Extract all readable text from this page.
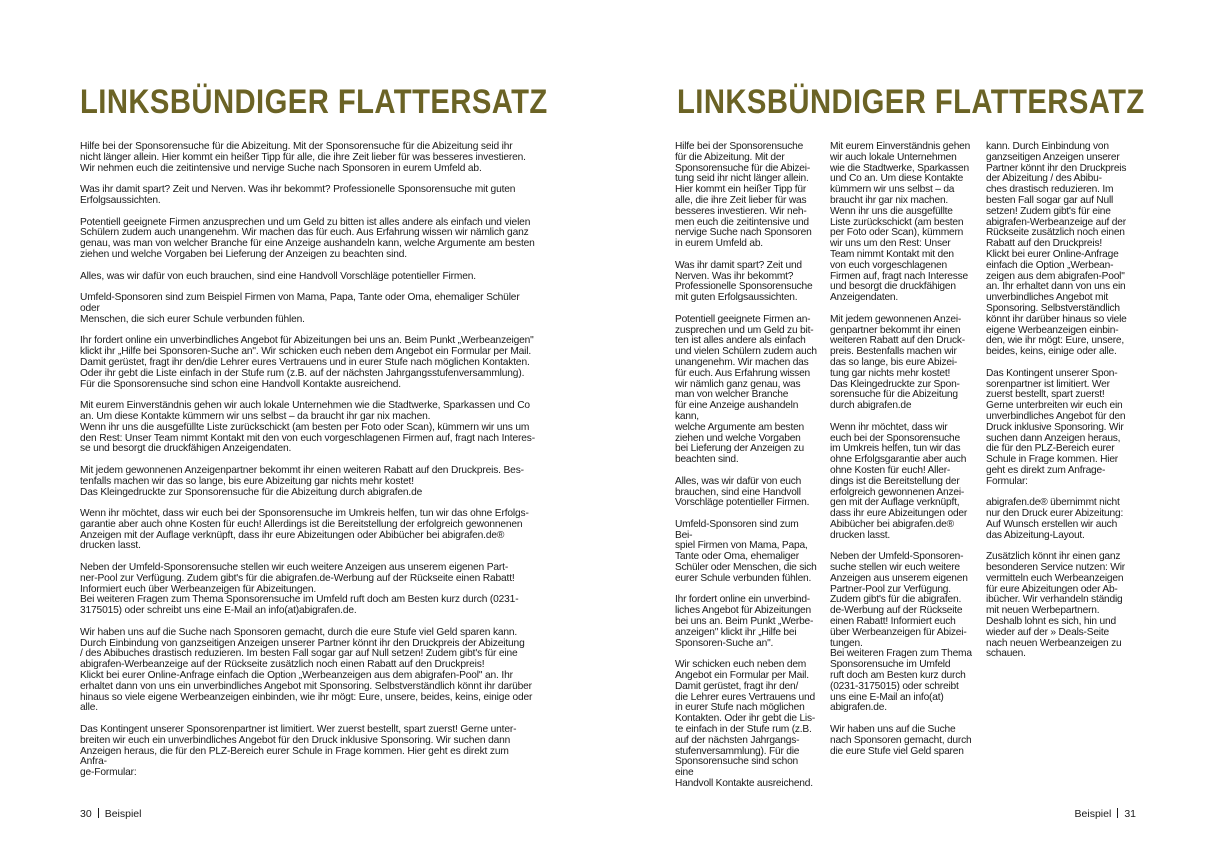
LINKSBÜNDIGER FLATTERSATZ

Hilfe bei der Sponsorensuche für die Abizeitung. Mit der Sponsorensuche für die Abizeitung seid ihr
nicht länger allein. Hier kommt ein heißer Tipp für alle, die ihre Zeit lieber für was besseres investieren.
Wir nehmen euch die zeitintensive und nervige Suche nach Sponsoren in eurem Umfeld ab.

Was ihr damit spart? Zeit und Nerven. Was ihr bekommt? Professionelle Sponsorensuche mit guten
Erfolgsaussichten.

Potentiell geeignete Firmen anzusprechen und um Geld zu bitten ist alles andere als einfach und vielen
Schülern zudem auch unangenehm. Wir machen das für euch. Aus Erfahrung wissen wir nämlich ganz
genau, was man von welcher Branche für eine Anzeige aushandeln kann, welche Argumente am besten
ziehen und welche Vorgaben bei Lieferung der Anzeigen zu beachten sind.

Alles, was wir dafür von euch brauchen, sind eine Handvoll Vorschläge potentieller Firmen.

Umfeld-Sponsoren sind zum Beispiel Firmen von Mama, Papa, Tante oder Oma, ehemaliger Schüler oder
Menschen, die sich eurer Schule verbunden fühlen.

Ihr fordert online ein unverbindliches Angebot für Abizeitungen bei uns an. Beim Punkt „Werbeanzeigen"
klickt ihr „Hilfe bei Sponsoren-Suche an". Wir schicken euch neben dem Angebot ein Formular per Mail.
Damit gerüstet, fragt ihr den/die Lehrer eures Vertrauens und in eurer Stufe nach möglichen Kontakten.
Oder ihr gebt die Liste einfach in der Stufe rum (z.B. auf der nächsten Jahrgangsstufenversammlung).
Für die Sponsorensuche sind schon eine Handvoll Kontakte ausreichend.

Mit eurem Einverständnis gehen wir auch lokale Unternehmen wie die Stadtwerke, Sparkassen und Co
an. Um diese Kontakte kümmern wir uns selbst – da braucht ihr gar nix machen.
Wenn ihr uns die ausgefüllte Liste zurückschickt (am besten per Foto oder Scan), kümmern wir uns um
den Rest: Unser Team nimmt Kontakt mit den von euch vorgeschlagenen Firmen auf, fragt nach Interes-
se und besorgt die druckfähigen Anzeigendaten.

Mit jedem gewonnenen Anzeigenpartner bekommt ihr einen weiteren Rabatt auf den Druckpreis. Bes-
tenfalls machen wir das so lange, bis eure Abizeitung gar nichts mehr kostet!
Das Kleingedruckte zur Sponsorensuche für die Abizeitung durch abigrafen.de

Wenn ihr möchtet, dass wir euch bei der Sponsorensuche im Umkreis helfen, tun wir das ohne Erfolgs-
garantie aber auch ohne Kosten für euch! Allerdings ist die Bereitstellung der erfolgreich gewonnenen
Anzeigen mit der Auflage verknüpft, dass ihr eure Abizeitungen oder Abibücher bei abigrafen.de®
drucken lasst.

Neben der Umfeld-Sponsorensuche stellen wir euch weitere Anzeigen aus unserem eigenen Part-
ner-Pool zur Verfügung. Zudem gibt's für die abigrafen.de-Werbung auf der Rückseite einen Rabatt!
Informiert euch über Werbeanzeigen für Abizeitungen.
Bei weiteren Fragen zum Thema Sponsorensuche im Umfeld ruft doch am Besten kurz durch (0231-
3175015) oder schreibt uns eine E-Mail an info(at)abigrafen.de.

Wir haben uns auf die Suche nach Sponsoren gemacht, durch die eure Stufe viel Geld sparen kann.
Durch Einbindung von ganzseitigen Anzeigen unserer Partner könnt ihr den Druckpreis der Abizeitung
/ des Abibuches drastisch reduzieren. Im besten Fall sogar gar auf Null setzen! Zudem gibt's für eine
abigrafen-Werbeanzeige auf der Rückseite zusätzlich noch einen Rabatt auf den Druckpreis!
Klickt bei eurer Online-Anfrage einfach die Option „Werbeanzeigen aus dem abigrafen-Pool" an. Ihr
erhaltet dann von uns ein unverbindliches Angebot mit Sponsoring. Selbstverständlich könnt ihr darüber
hinaus so viele eigene Werbeanzeigen einbinden, wie ihr mögt: Eure, unsere, beides, keins, einige oder
alle.

Das Kontingent unserer Sponsorenpartner ist limitiert. Wer zuerst bestellt, spart zuerst! Gerne unter-
breiten wir euch ein unverbindliches Angebot für den Druck inklusive Sponsoring. Wir suchen dann
Anzeigen heraus, die für den PLZ-Bereich eurer Schule in Frage kommen. Hier geht es direkt zum Anfra-
ge-Formular:

30 Beispiel
LINKSBÜNDIGER FLATTERSATZ

Hilfe bei der Sponsorensuche
für die Abizeitung. Mit der
Sponsorensuche für die Abizei-
tung seid ihr nicht länger allein.
Hier kommt ein heißer Tipp für
alle, die ihre Zeit lieber für was
besseres investieren. Wir neh-
men euch die zeitintensive und
nervige Suche nach Sponsoren
in eurem Umfeld ab.

Was ihr damit spart? Zeit und
Nerven. Was ihr bekommt?
Professionelle Sponsorensuche
mit guten Erfolgsaussichten.

Potentiell geeignete Firmen an-
zusprechen und um Geld zu bit-
ten ist alles andere als einfach
und vielen Schülern zudem auch
unangenehm. Wir machen das
für euch. Aus Erfahrung wissen
wir nämlich ganz genau, was
man von welcher Branche
für eine Anzeige aushandeln kann,
welche Argumente am besten
ziehen und welche Vorgaben
bei Lieferung der Anzeigen zu
beachten sind.

Alles, was wir dafür von euch
brauchen, sind eine Handvoll
Vorschläge potentieller Firmen.

Umfeld-Sponsoren sind zum Bei-
spiel Firmen von Mama, Papa,
Tante oder Oma, ehemaliger
Schüler oder Menschen, die sich
eurer Schule verbunden fühlen.

Ihr fordert online ein unverbind-
liches Angebot für Abizeitungen
bei uns an. Beim Punkt „Werbe-
anzeigen" klickt ihr „Hilfe bei
Sponsoren-Suche an".

Wir schicken euch neben dem
Angebot ein Formular per Mail.
Damit gerüstet, fragt ihr den/
die Lehrer eures Vertrauens und
in eurer Stufe nach möglichen
Kontakten. Oder ihr gebt die Lis-
te einfach in der Stufe rum (z.B.
auf der nächsten Jahrgangs-
stufenversammlung). Für die
Sponsorensuche sind schon eine
Handvoll Kontakte ausreichend.

Mit eurem Einverständnis gehen
wir auch lokale Unternehmen
wie die Stadtwerke, Sparkassen
und Co an. Um diese Kontakte
kümmern wir uns selbst – da
braucht ihr gar nix machen.
Wenn ihr uns die ausgefüllte
Liste zurückschickt (am besten
per Foto oder Scan), kümmern
wir uns um den Rest: Unser
Team nimmt Kontakt mit den
von euch vorgeschlagenen
Firmen auf, fragt nach Interesse
und besorgt die druckfähigen
Anzeigendaten.

Mit jedem gewonnenen Anzei-
genpartner bekommt ihr einen
weiteren Rabatt auf den Druck-
preis. Bestenfalls machen wir
das so lange, bis eure Abizei-
tung gar nichts mehr kostet!
Das Kleingedruckte zur Spon-
sorensuche für die Abizeitung
durch abigrafen.de

Wenn ihr möchtet, dass wir
euch bei der Sponsorensuche
im Umkreis helfen, tun wir das
ohne Erfolgsgarantie aber auch
ohne Kosten für euch! Aller-
dings ist die Bereitstellung der
erfolgreich gewonnenen Anzei-
gen mit der Auflage verknüpft,
dass ihr eure Abizeitungen oder
Abibücher bei abigrafen.de®
drucken lasst.

Neben der Umfeld-Sponsoren-
suche stellen wir euch weitere
Anzeigen aus unserem eigenen
Partner-Pool zur Verfügung.
Zudem gibt's für die abigrafen.
de-Werbung auf der Rückseite
einen Rabatt! Informiert euch
über Werbeanzeigen für Abizei-
tungen.
Bei weiteren Fragen zum Thema
Sponsorensuche im Umfeld
ruft doch am Besten kurz durch
(0231-3175015) oder schreibt
uns eine E-Mail an info(at)
abigrafen.de.

Wir haben uns auf die Suche
nach Sponsoren gemacht, durch
die eure Stufe viel Geld sparen

kann. Durch Einbindung von
ganzseitigen Anzeigen unserer
Partner könnt ihr den Druckpreis
der Abizeitung / des Abibu-
ches drastisch reduzieren. Im
besten Fall sogar gar auf Null
setzen! Zudem gibt's für eine
abigrafen-Werbeanzeige auf der
Rückseite zusätzlich noch einen
Rabatt auf den Druckpreis!
Klickt bei eurer Online-Anfrage
einfach die Option „Werbean-
zeigen aus dem abigrafen-Pool"
an. Ihr erhaltet dann von uns ein
unverbindliches Angebot mit
Sponsoring. Selbstverständlich
könnt ihr darüber hinaus so viele
eigene Werbeanzeigen einbin-
den, wie ihr mögt: Eure, unsere,
beides, keins, einige oder alle.

Das Kontingent unserer Spon-
sorenpartner ist limitiert. Wer
zuerst bestellt, spart zuerst!
Gerne unterbreiten wir euch ein
unverbindliches Angebot für den
Druck inklusive Sponsoring. Wir
suchen dann Anzeigen heraus,
die für den PLZ-Bereich eurer
Schule in Frage kommen. Hier
geht es direkt zum Anfrage-
Formular:

abigrafen.de® übernimmt nicht
nur den Druck eurer Abizeitung:
Auf Wunsch erstellen wir auch
das Abizeitung-Layout.

Zusätzlich könnt ihr einen ganz
besonderen Service nutzen: Wir
vermitteln euch Werbeanzeigen
für eure Abizeitungen oder Ab-
ibücher. Wir verhandeln ständig
mit neuen Werbepartnern.
Deshalb lohnt es sich, hin und
wieder auf der » Deals-Seite
nach neuen Werbeanzeigen zu
schauen.

Beispiel 31
